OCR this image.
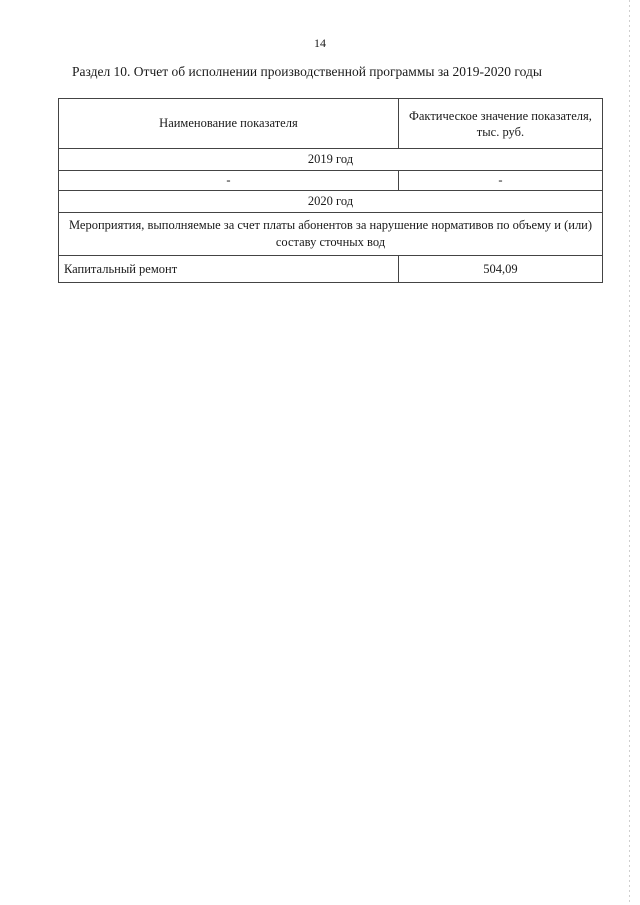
14
Раздел 10. Отчет об исполнении производственной программы за 2019-2020 годы
Наименование показателя	Фактическое значение показателя, тыс. руб.
2019 год	
-	-
2020 год	
Мероприятия, выполняемые за счет платы абонентов за нарушение нормативов по объему и (или) составу сточных вод	
Капитальный ремонт	504,09
